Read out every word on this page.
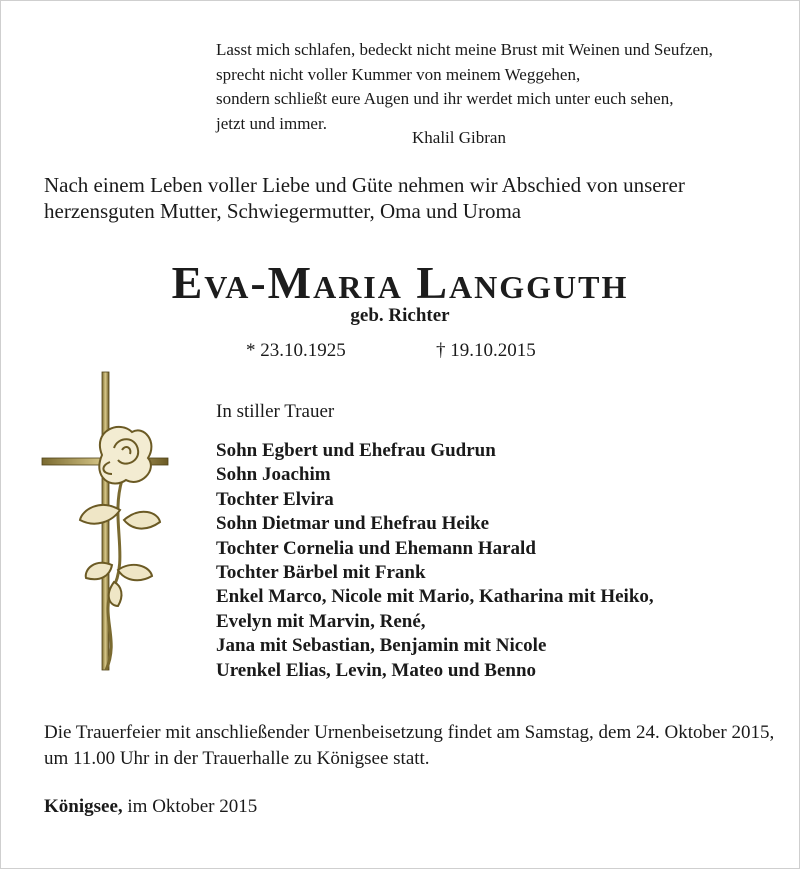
Lasst mich schlafen, bedeckt nicht meine Brust mit Weinen und Seufzen,
sprecht nicht voller Kummer von meinem Weggehen,
sondern schließt eure Augen und ihr werdet mich unter euch sehen,
jetzt und immer.
Khalil Gibran
Nach einem Leben voller Liebe und Güte nehmen wir Abschied von unserer herzensguten Mutter, Schwiegermutter, Oma und Uroma
Eva-Maria Langguth
geb. Richter
* 23.10.1925	† 19.10.2015
In stiller Trauer
Sohn Egbert und Ehefrau Gudrun
Sohn Joachim
Tochter Elvira
Sohn Dietmar und Ehefrau Heike
Tochter Cornelia und Ehemann Harald
Tochter Bärbel mit Frank
Enkel Marco, Nicole mit Mario, Katharina mit Heiko,
Evelyn mit Marvin, René,
Jana mit Sebastian, Benjamin mit Nicole
Urenkel Elias, Levin, Mateo und Benno
Die Trauerfeier mit anschließender Urnenbeisetzung findet am Samstag, dem 24. Oktober 2015, um 11.00 Uhr in der Trauerhalle zu Königsee statt.
Königsee, im Oktober 2015
